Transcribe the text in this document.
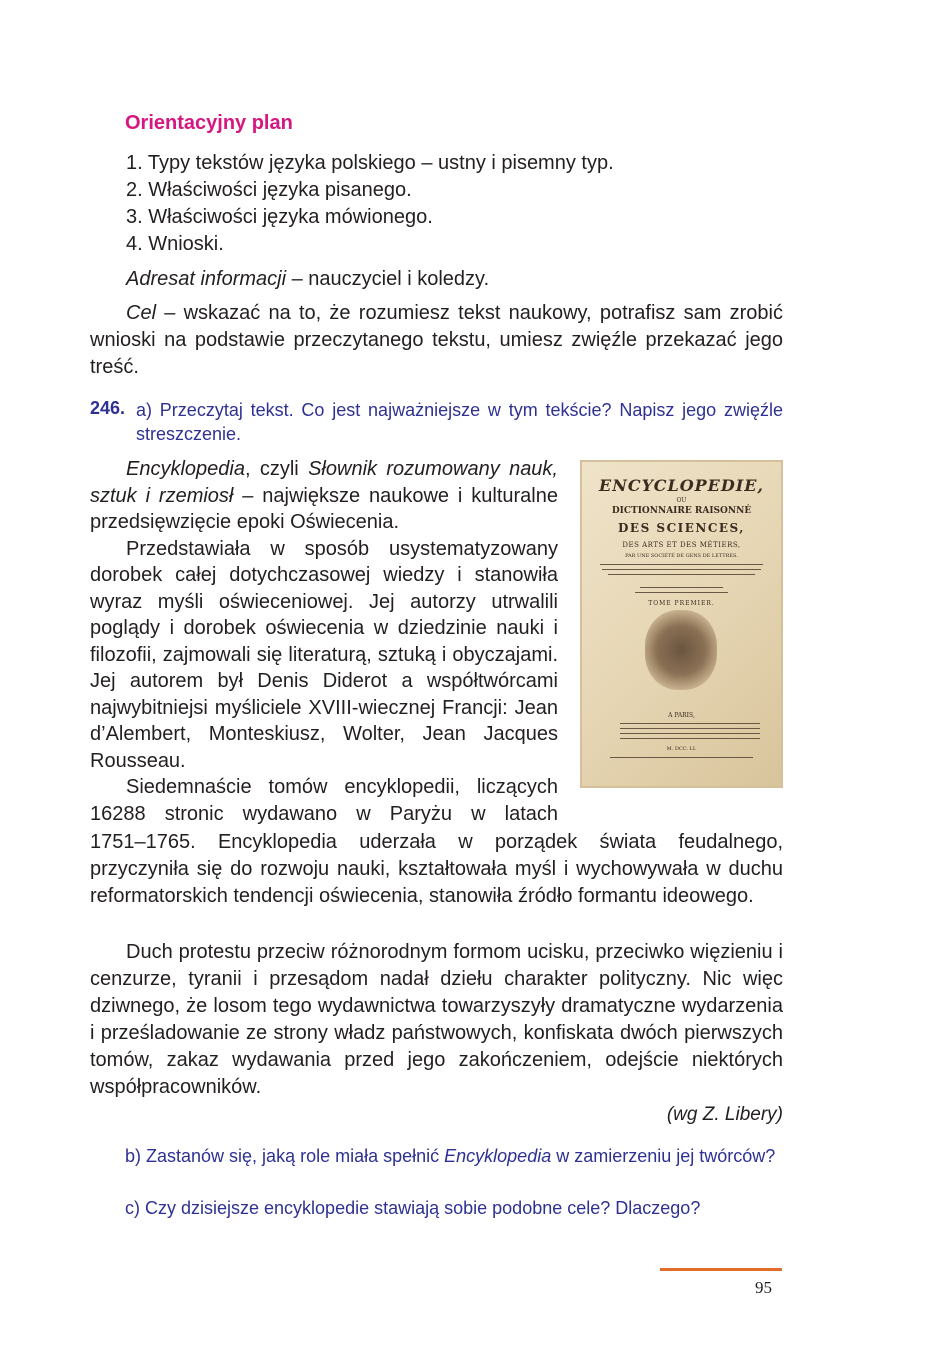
Orientacyjny plan
1. Typy tekstów języka polskiego – ustny i pisemny typ.
2. Właściwości języka pisanego.
3. Właściwości języka mówionego.
4. Wnioski.
Adresat informacji – nauczyciel i koledzy.
Cel – wskazać na to, że rozumiesz tekst naukowy, potrafisz sam zrobić wnioski na podstawie przeczytanego tekstu, umiesz zwięźle przekazać jego treść.
246. a) Przeczytaj tekst. Co jest najważniejsze w tym tekście? Napisz jego zwięźle streszczenie.

Encyklopedia, czyli Słownik rozumowany nauk, sztuk i rzemiosł – największe naukowe i kulturalne przedsięwzięcie epoki Oświecenia.

Przedstawiała w sposób usystematyzowany dorobek całej dotychczasowej wiedzy i stanowiła wyraz myśli oświeceniowej. Jej autorzy utrwalili poglądy i dorobek oświecenia w dziedzinie nauki i filozofii, zajmowali się literaturą, sztuką i obyczajami. Jej autorem był Denis Diderot a współtwórcami najwybitniejsi myśliciele XVIII-wiecznej Francji: Jean d’Alembert, Monteskiusz, Wolter, Jean Jacques Rousseau.

Siedemnaście tomów encyklopedii, liczących 16288 stronic wydawano w Paryżu w latach

1751–1765. Encyklopedia uderzała w porządek świata feudalnego, przyczyniła się do rozwoju nauki, kształtowała myśl i wychowywała w duchu reformatorskich tendencji oświecenia, stanowiła źródło formantu ideowego.
Duch protestu przeciw różnorodnym formom ucisku, przeciwko więzieniu i cenzurze, tyranii i przesądom nadał dziełu charakter polityczny. Nic więc dziwnego, że losom tego wydawnictwa towarzyszyły dramatyczne wydarzenia i prześladowanie ze strony władz państwowych, konfiskata dwóch pierwszych tomów, zakaz wydawania przed jego zakończeniem, odejście niektórych współpracowników.
ENCYCLOPEDIE,
OU
DICTIONNAIRE RAISONNÉ
DES SCIENCES,
DES ARTS ET DES MÉTIERS,
PAR UNE SOCIÉTÉ DE GENS DE LETTRES.
TOME PREMIER.
A PARIS,
M. DCC. LI.
(wg Z. Libery)
b) Zastanów się, jaką role miała spełnić Encyklopedia w zamierzeniu jej twórców?
c) Czy dzisiejsze encyklopedie stawiają sobie podobne cele? Dlaczego?
95
